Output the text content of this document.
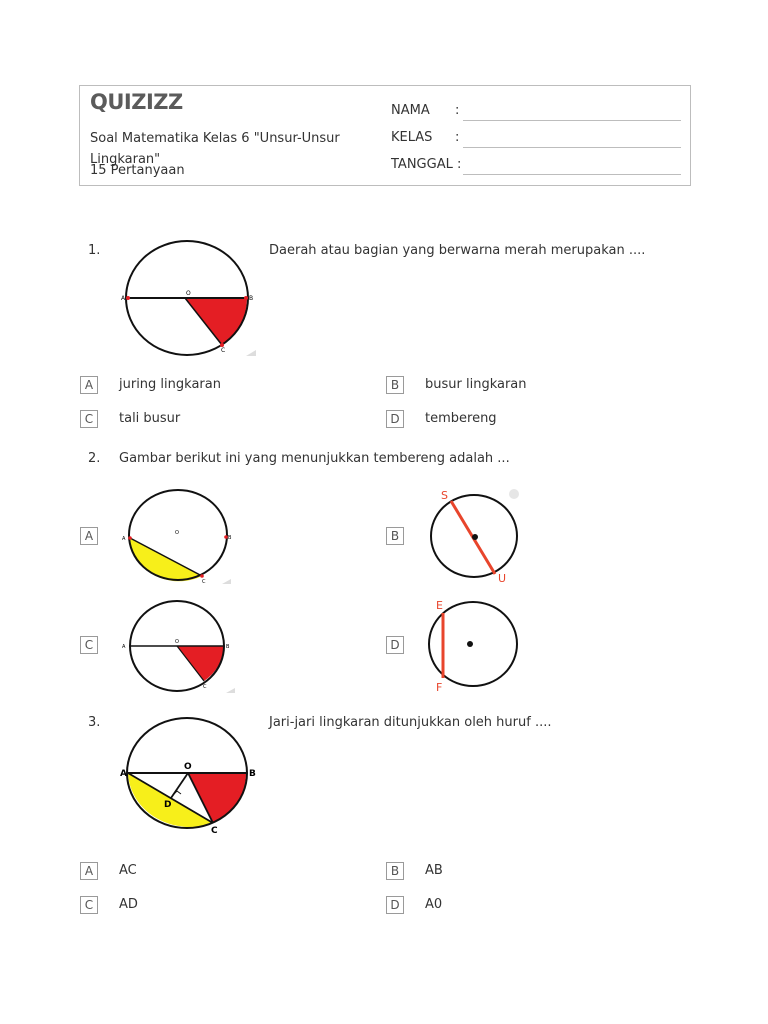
QUIZIZZ
Soal Matematika Kelas 6 "Unsur-Unsur Lingkaran"
15 Pertanyaan
NAMA :
KELAS :
TANGGAL :
1.
A	B
O
C
Daerah atau bagian yang berwarna merah merupakan ....
A	juring lingkaran	B	busur lingkaran
C	tali busur	D	tembereng
2. Gambar berikut ini yang menunjukkan tembereng adalah ...
A	A	B
O
C
B
S
U
C	A	B
O
C
D
E
F
3.
A	B
O
D
C
Jari-jari lingkaran ditunjukkan oleh huruf ....
A	AC	B	AB
C	AD	D	A0
